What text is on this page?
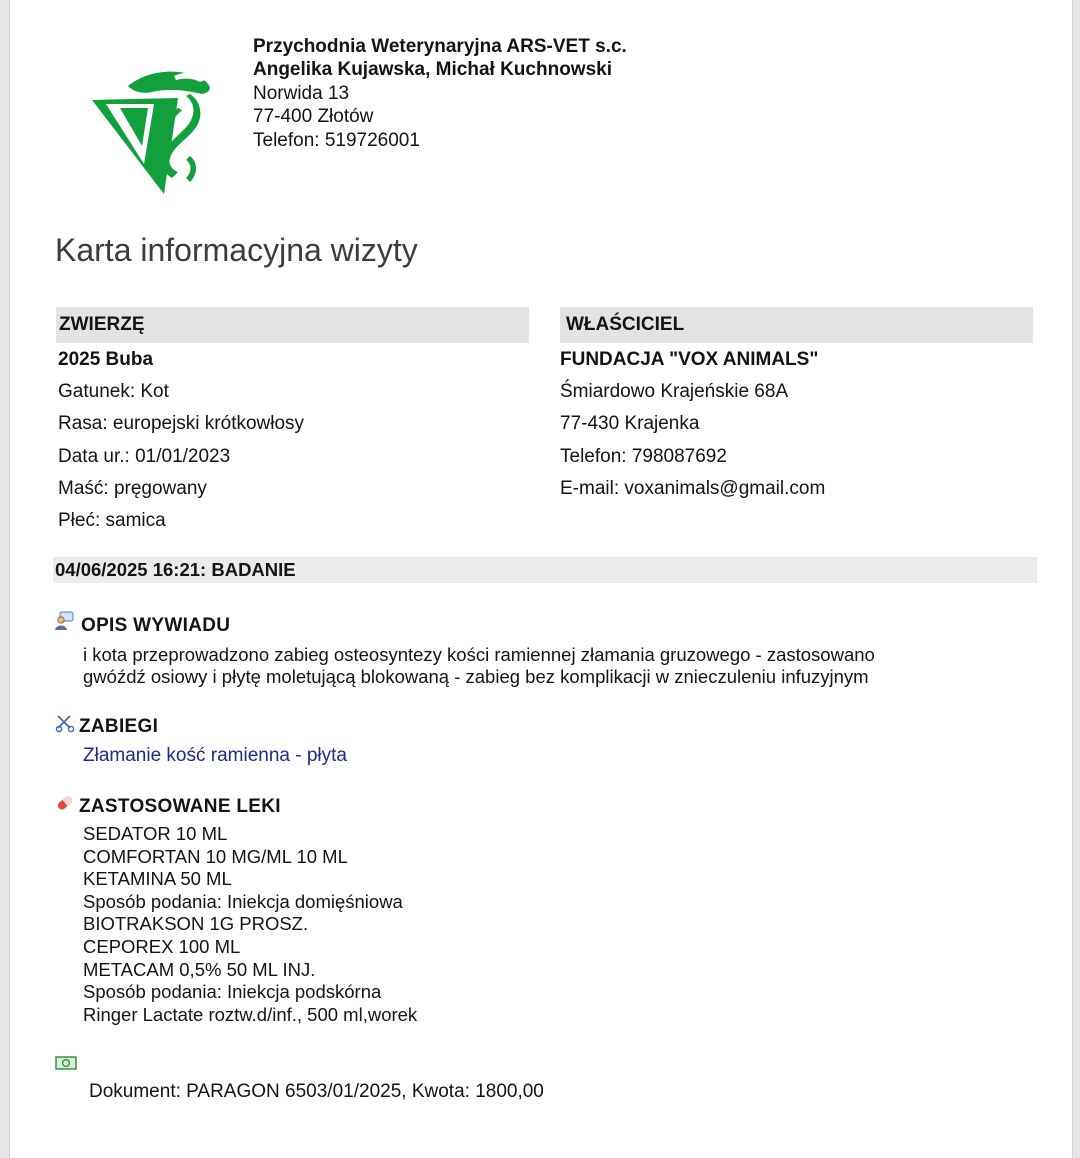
Przychodnia Weterynaryjna ARS-VET s.c.
Angelika Kujawska, Michał Kuchnowski
Norwida 13
77-400 Złotów
Telefon: 519726001
Karta informacyjna wizyty
ZWIERZĘ
2025 Buba
Gatunek: Kot
Rasa: europejski krótkowłosy
Data ur.: 01/01/2023
Maść: pręgowany
Płeć: samica
WŁAŚCICIEL
FUNDACJA "VOX ANIMALS"
Śmiardowo Krajeńskie 68A
77-430 Krajenka
Telefon: 798087692
E-mail: voxanimals@gmail.com
04/06/2025 16:21: BADANIE
OPIS WYWIADU
i kota przeprowadzono zabieg osteosyntezy kości ramiennej złamania gruzowego - zastosowano
gwóźdź osiowy i płytę moletującą blokowaną - zabieg bez komplikacji w znieczuleniu infuzyjnym
ZABIEGI
Złamanie kość ramienna - płyta
ZASTOSOWANE LEKI
SEDATOR 10 ML
COMFORTAN 10 MG/ML 10 ML
KETAMINA 50 ML
Sposób podania: Iniekcja domięśniowa
BIOTRAKSON 1G PROSZ.
CEPOREX 100 ML
METACAM 0,5% 50 ML INJ.
Sposób podania: Iniekcja podskórna
Ringer Lactate roztw.d/inf., 500 ml,worek
Dokument: PARAGON 6503/01/2025, Kwota: 1800,00
